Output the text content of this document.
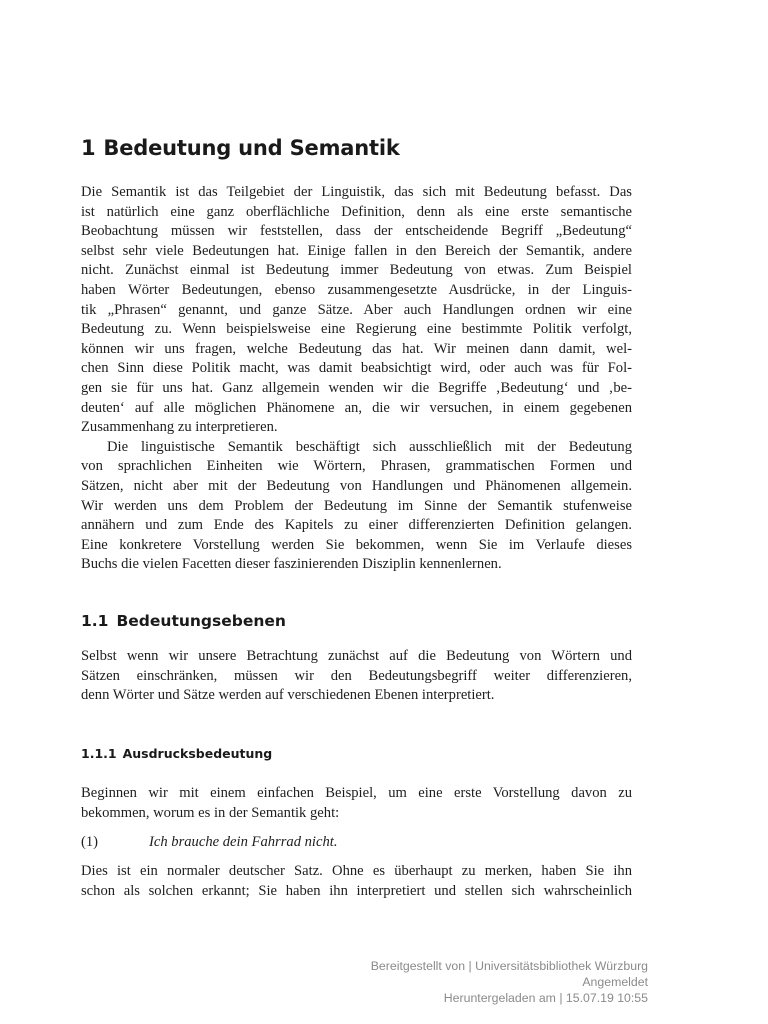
1 Bedeutung und Semantik
Die Semantik ist das Teilgebiet der Linguistik, das sich mit Bedeutung befasst. Das
ist natürlich eine ganz oberflächliche Definition, denn als eine erste semantische
Beobachtung müssen wir feststellen, dass der entscheidende Begriff „Bedeutung“
selbst sehr viele Bedeutungen hat. Einige fallen in den Bereich der Semantik, andere
nicht. Zunächst einmal ist Bedeutung immer Bedeutung von etwas. Zum Beispiel
haben Wörter Bedeutungen, ebenso zusammengesetzte Ausdrücke, in der Linguis-
tik „Phrasen“ genannt, und ganze Sätze. Aber auch Handlungen ordnen wir eine
Bedeutung zu. Wenn beispielsweise eine Regierung eine bestimmte Politik verfolgt,
können wir uns fragen, welche Bedeutung das hat. Wir meinen dann damit, wel-
chen Sinn diese Politik macht, was damit beabsichtigt wird, oder auch was für Fol-
gen sie für uns hat. Ganz allgemein wenden wir die Begriffe ‚Bedeutung‘ und ‚be-
deuten‘ auf alle möglichen Phänomene an, die wir versuchen, in einem gegebenen
Zusammenhang zu interpretieren.
Die linguistische Semantik beschäftigt sich ausschließlich mit der Bedeutung
von sprachlichen Einheiten wie Wörtern, Phrasen, grammatischen Formen und
Sätzen, nicht aber mit der Bedeutung von Handlungen und Phänomenen allgemein.
Wir werden uns dem Problem der Bedeutung im Sinne der Semantik stufenweise
annähern und zum Ende des Kapitels zu einer differenzierten Definition gelangen.
Eine konkretere Vorstellung werden Sie bekommen, wenn Sie im Verlaufe dieses
Buchs die vielen Facetten dieser faszinierenden Disziplin kennenlernen.
1.1 Bedeutungsebenen
Selbst wenn wir unsere Betrachtung zunächst auf die Bedeutung von Wörtern und
Sätzen einschränken, müssen wir den Bedeutungsbegriff weiter differenzieren,
denn Wörter und Sätze werden auf verschiedenen Ebenen interpretiert.
1.1.1 Ausdrucksbedeutung
Beginnen wir mit einem einfachen Beispiel, um eine erste Vorstellung davon zu
bekommen, worum es in der Semantik geht:
(1)	Ich brauche dein Fahrrad nicht.
Dies ist ein normaler deutscher Satz. Ohne es überhaupt zu merken, haben Sie ihn
schon als solchen erkannt; Sie haben ihn interpretiert und stellen sich wahrscheinlich
Bereitgestellt von | Universitätsbibliothek Würzburg
Angemeldet
Heruntergeladen am | 15.07.19 10:55
